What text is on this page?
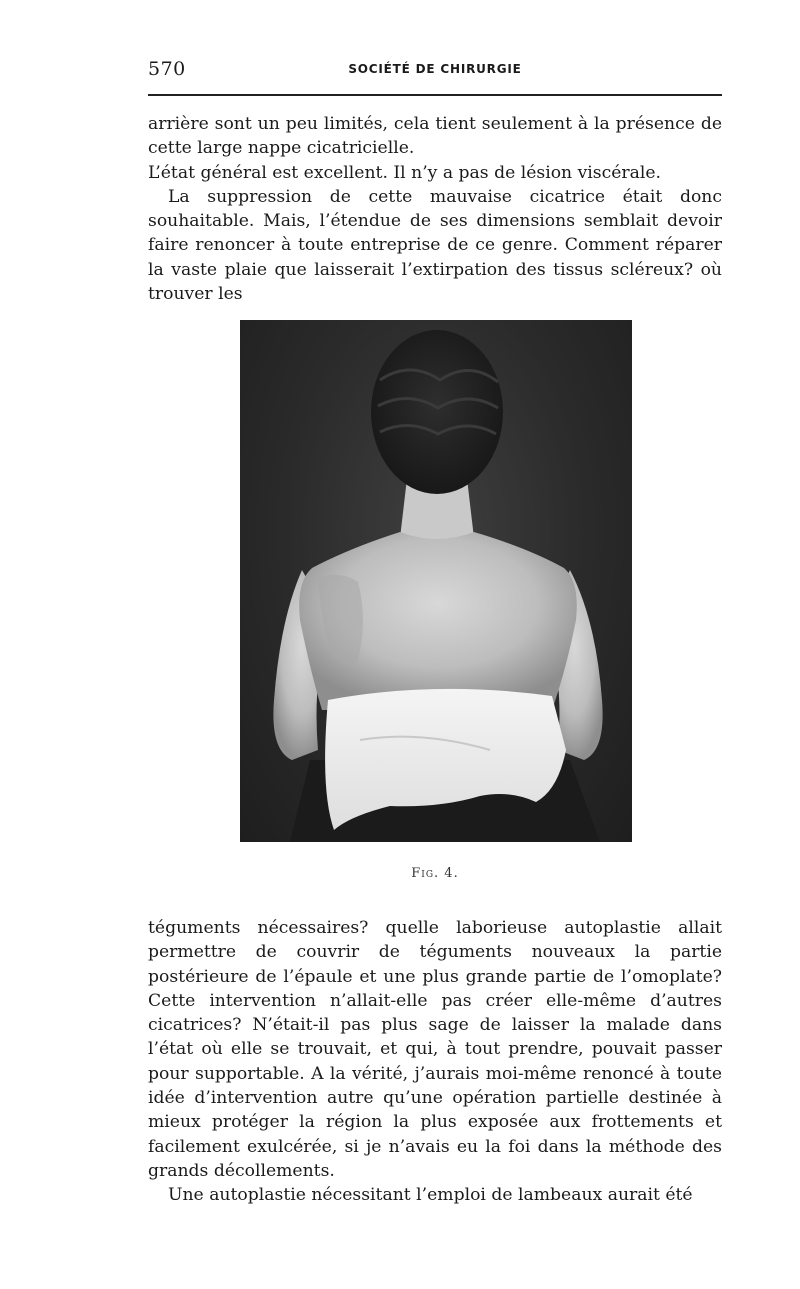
570	SOCIÉTÉ DE CHIRURGIE

arrière sont un peu limités, cela tient seulement à la présence de cette large nappe cicatricielle.

L’état général est excellent. Il n’y a pas de lésion viscérale.

La suppression de cette mauvaise cicatrice était donc souhaitable. Mais, l’étendue de ses dimensions semblait devoir faire renoncer à toute entreprise de ce genre. Comment réparer la vaste plaie que laisserait l’extirpation des tissus scléreux? où trouver les

Fig. 4.

téguments nécessaires? quelle laborieuse autoplastie allait permettre de couvrir de téguments nouveaux la partie postérieure de l’épaule et une plus grande partie de l’omoplate? Cette intervention n’allait-elle pas créer elle-même d’autres cicatrices? N’était-il pas plus sage de laisser la malade dans l’état où elle se trouvait, et qui, à tout prendre, pouvait passer pour supportable. A la vérité, j’aurais moi-même renoncé à toute idée d’intervention autre qu’une opération partielle destinée à mieux protéger la région la plus exposée aux frottements et facilement exulcérée, si je n’avais eu la foi dans la méthode des grands décollements.

Une autoplastie nécessitant l’emploi de lambeaux aurait été
